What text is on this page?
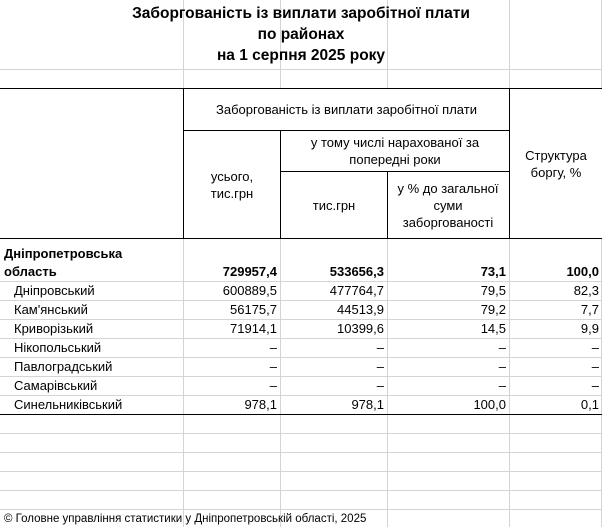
Заборгованість із виплати заробітної плати
по районах
на 1 серпня 2025 року
Заборгованість із виплати заробітної плати
усього, тис.грн
у тому числі нарахованої за попередні роки
тис.грн
у % до загальної суми заборгованості
Структура боргу, %
Дніпропетровська
область	729957,4	533656,3	73,1	100,0
Дніпровський	600889,5	477764,7	79,5	82,3
Кам'янський	56175,7	44513,9	79,2	7,7
Криворізький	71914,1	10399,6	14,5	9,9
Нікопольський	–	–	–	–
Павлоградський	–	–	–	–
Самарівський	–	–	–	–
Синельниківський	978,1	978,1	100,0	0,1
© Головне управління статистики у Дніпропетровській області, 2025
